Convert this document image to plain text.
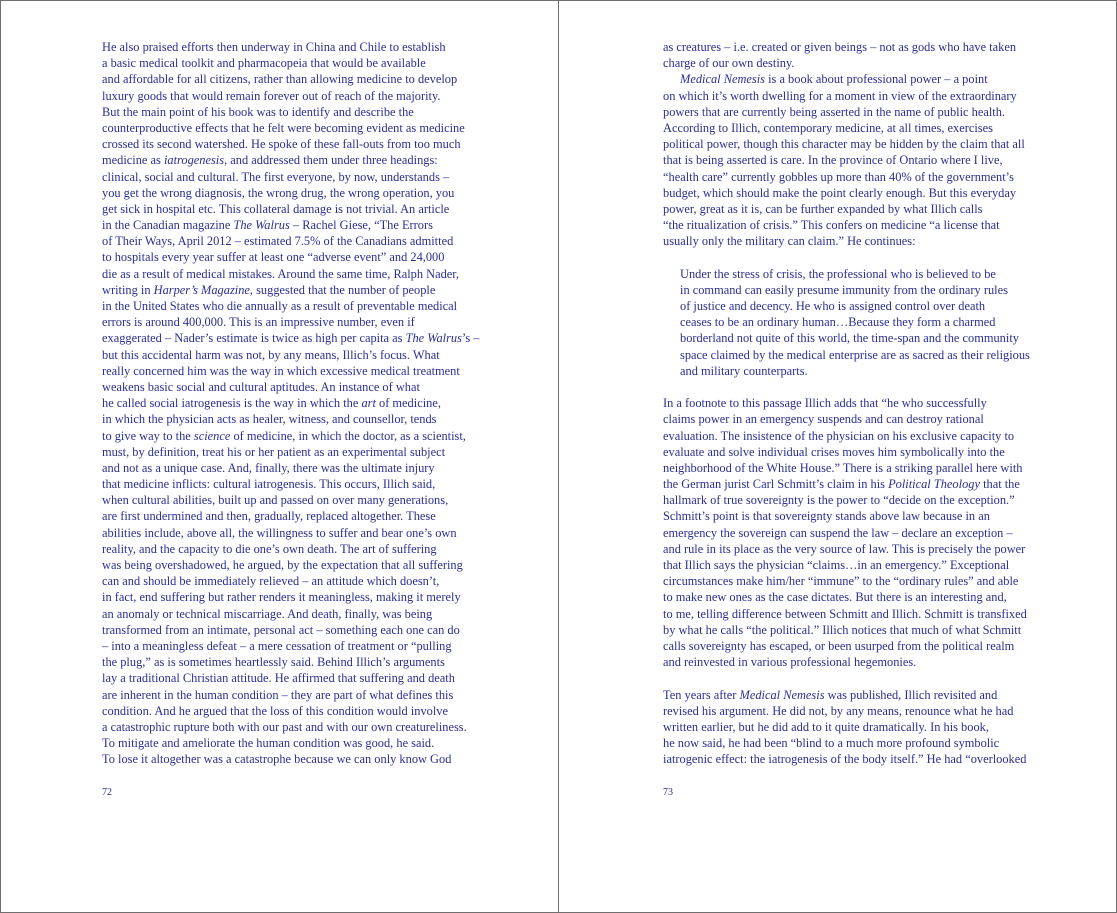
He also praised efforts then underway in China and Chile to establish
a basic medical toolkit and pharmacopeia that would be available
and affordable for all citizens, rather than allowing medicine to develop
luxury goods that would remain forever out of reach of the majority.
But the main point of his book was to identify and describe the
counterproductive effects that he felt were becoming evident as medicine
crossed its second watershed. He spoke of these fall-outs from too much
medicine as iatrogenesis, and addressed them under three headings:
clinical, social and cultural. The first everyone, by now, understands –
you get the wrong diagnosis, the wrong drug, the wrong operation, you
get sick in hospital etc. This collateral damage is not trivial. An article
in the Canadian magazine The Walrus – Rachel Giese, “The Errors
of Their Ways, April 2012 – estimated 7.5% of the Canadians admitted
to hospitals every year suffer at least one “adverse event” and 24,000
die as a result of medical mistakes. Around the same time, Ralph Nader,
writing in Harper’s Magazine, suggested that the number of people
in the United States who die annually as a result of preventable medical
errors is around 400,000. This is an impressive number, even if
exaggerated – Nader’s estimate is twice as high per capita as The Walrus’s –
but this accidental harm was not, by any means, Illich’s focus. What
really concerned him was the way in which excessive medical treatment
weakens basic social and cultural aptitudes. An instance of what
he called social iatrogenesis is the way in which the art of medicine,
in which the physician acts as healer, witness, and counsellor, tends
to give way to the science of medicine, in which the doctor, as a scientist,
must, by definition, treat his or her patient as an experimental subject
and not as a unique case. And, finally, there was the ultimate injury
that medicine inflicts: cultural iatrogenesis. This occurs, Illich said,
when cultural abilities, built up and passed on over many generations,
are first undermined and then, gradually, replaced altogether. These
abilities include, above all, the willingness to suffer and bear one’s own
reality, and the capacity to die one’s own death. The art of suffering
was being overshadowed, he argued, by the expectation that all suffering
can and should be immediately relieved – an attitude which doesn’t,
in fact, end suffering but rather renders it meaningless, making it merely
an anomaly or technical miscarriage. And death, finally, was being
transformed from an intimate, personal act – something each one can do
– into a meaningless defeat – a mere cessation of treatment or “pulling
the plug,” as is sometimes heartlessly said. Behind Illich’s arguments
lay a traditional Christian attitude. He affirmed that suffering and death
are inherent in the human condition – they are part of what defines this
condition. And he argued that the loss of this condition would involve
a catastrophic rupture both with our past and with our own creatureliness.
To mitigate and ameliorate the human condition was good, he said.
To lose it altogether was a catastrophe because we can only know God
72
as creatures – i.e. created or given beings – not as gods who have taken
charge of our own destiny.
Medical Nemesis is a book about professional power – a point
on which it’s worth dwelling for a moment in view of the extraordinary
powers that are currently being asserted in the name of public health.
According to Illich, contemporary medicine, at all times, exercises
political power, though this character may be hidden by the claim that all
that is being asserted is care. In the province of Ontario where I live,
“health care” currently gobbles up more than 40% of the government’s
budget, which should make the point clearly enough. But this everyday
power, great as it is, can be further expanded by what Illich calls
“the ritualization of crisis.” This confers on medicine “a license that
usually only the military can claim.” He continues:
Under the stress of crisis, the professional who is believed to be
in command can easily presume immunity from the ordinary rules
of justice and decency. He who is assigned control over death
ceases to be an ordinary human…Because they form a charmed
borderland not quite of this world, the time-span and the community
space claimed by the medical enterprise are as sacred as their religious
and military counterparts.
In a footnote to this passage Illich adds that “he who successfully
claims power in an emergency suspends and can destroy rational
evaluation. The insistence of the physician on his exclusive capacity to
evaluate and solve individual crises moves him symbolically into the
neighborhood of the White House.” There is a striking parallel here with
the German jurist Carl Schmitt’s claim in his Political Theology that the
hallmark of true sovereignty is the power to “decide on the exception.”
Schmitt’s point is that sovereignty stands above law because in an
emergency the sovereign can suspend the law – declare an exception –
and rule in its place as the very source of law. This is precisely the power
that Illich says the physician “claims…in an emergency.” Exceptional
circumstances make him/her “immune” to the “ordinary rules” and able
to make new ones as the case dictates. But there is an interesting and,
to me, telling difference between Schmitt and Illich. Schmitt is transfixed
by what he calls “the political.” Illich notices that much of what Schmitt
calls sovereignty has escaped, or been usurped from the political realm
and reinvested in various professional hegemonies.
Ten years after Medical Nemesis was published, Illich revisited and
revised his argument. He did not, by any means, renounce what he had
written earlier, but he did add to it quite dramatically. In his book,
he now said, he had been “blind to a much more profound symbolic
iatrogenic effect: the iatrogenesis of the body itself.” He had “overlooked
73
